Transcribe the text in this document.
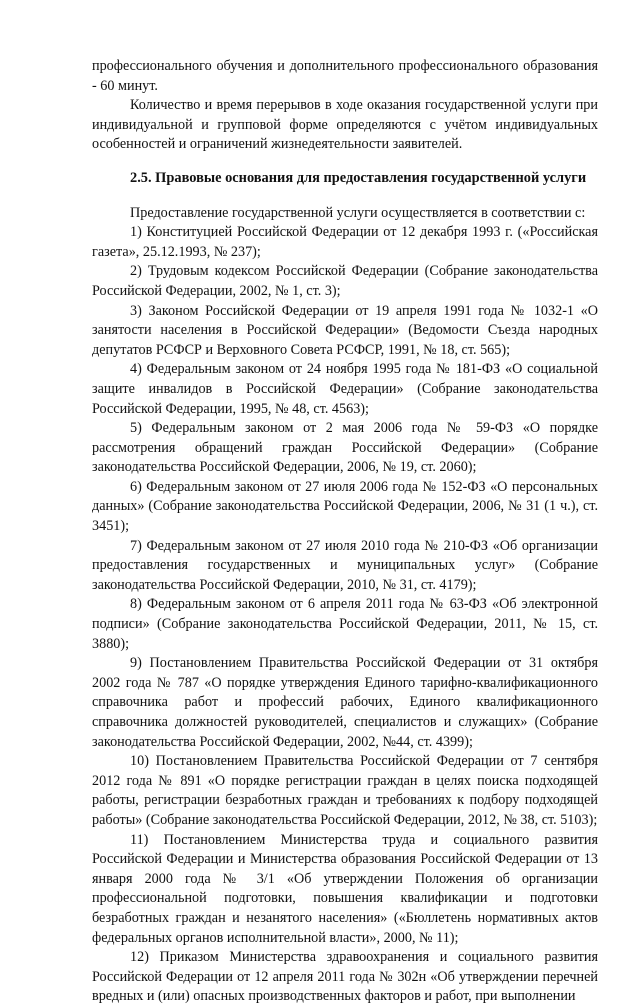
профессионального обучения и дополнительного профессионального образования - 60 минут.

Количество и время перерывов в ходе оказания государственной услуги при индивидуальной и групповой форме определяются с учётом индивидуальных особенностей и ограничений жизнедеятельности заявителей.

2.5. Правовые основания для предоставления государственной услуги

Предоставление государственной услуги осуществляется в соответствии с:

1) Конституцией Российской Федерации от 12 декабря 1993 г. («Российская газета», 25.12.1993, № 237);

2) Трудовым кодексом Российской Федерации (Собрание законодательства Российской Федерации, 2002, № 1, ст. 3);

3) Законом Российской Федерации от 19 апреля 1991 года № 1032-1 «О занятости населения в Российской Федерации» (Ведомости Съезда народных депутатов РСФСР и Верховного Совета РСФСР, 1991, № 18, ст. 565);

4) Федеральным законом от 24 ноября 1995 года № 181-ФЗ «О социальной защите инвалидов в Российской Федерации» (Собрание законодательства Российской Федерации, 1995, № 48, ст. 4563);

5) Федеральным законом от 2 мая 2006 года № 59-ФЗ «О порядке рассмотрения обращений граждан Российской Федерации» (Собрание законодательства Российской Федерации, 2006, № 19, ст. 2060);

6) Федеральным законом от 27 июля 2006 года № 152-ФЗ «О персональных данных» (Собрание законодательства Российской Федерации, 2006, № 31 (1 ч.), ст. 3451);

7) Федеральным законом от 27 июля 2010 года № 210-ФЗ «Об организации предоставления государственных и муниципальных услуг» (Собрание законодательства Российской Федерации, 2010, № 31, ст. 4179);

8) Федеральным законом от 6 апреля 2011 года № 63-ФЗ «Об электронной подписи» (Собрание законодательства Российской Федерации, 2011, № 15, ст. 3880);

9) Постановлением Правительства Российской Федерации от 31 октября 2002 года № 787 «О порядке утверждения Единого тарифно-квалификационного справочника работ и профессий рабочих, Единого квалификационного справочника должностей руководителей, специалистов и служащих» (Собрание законодательства Российской Федерации, 2002, №44, ст. 4399);

10) Постановлением Правительства Российской Федерации от 7 сентября 2012 года № 891 «О порядке регистрации граждан в целях поиска подходящей работы, регистрации безработных граждан и требованиях к подбору подходящей работы» (Собрание законодательства Российской Федерации, 2012, № 38, ст. 5103);

11) Постановлением Министерства труда и социального развития Российской Федерации и Министерства образования Российской Федерации от 13 января 2000 года № 3/1 «Об утверждении Положения об организации профессиональной подготовки, повышения квалификации и подготовки безработных граждан и незанятого населения» («Бюллетень нормативных актов федеральных органов исполнительной власти», 2000, № 11);

12) Приказом Министерства здравоохранения и социального развития Российской Федерации от 12 апреля 2011 года № 302н «Об утверждении перечней вредных и (или) опасных производственных факторов и работ, при выполнении
